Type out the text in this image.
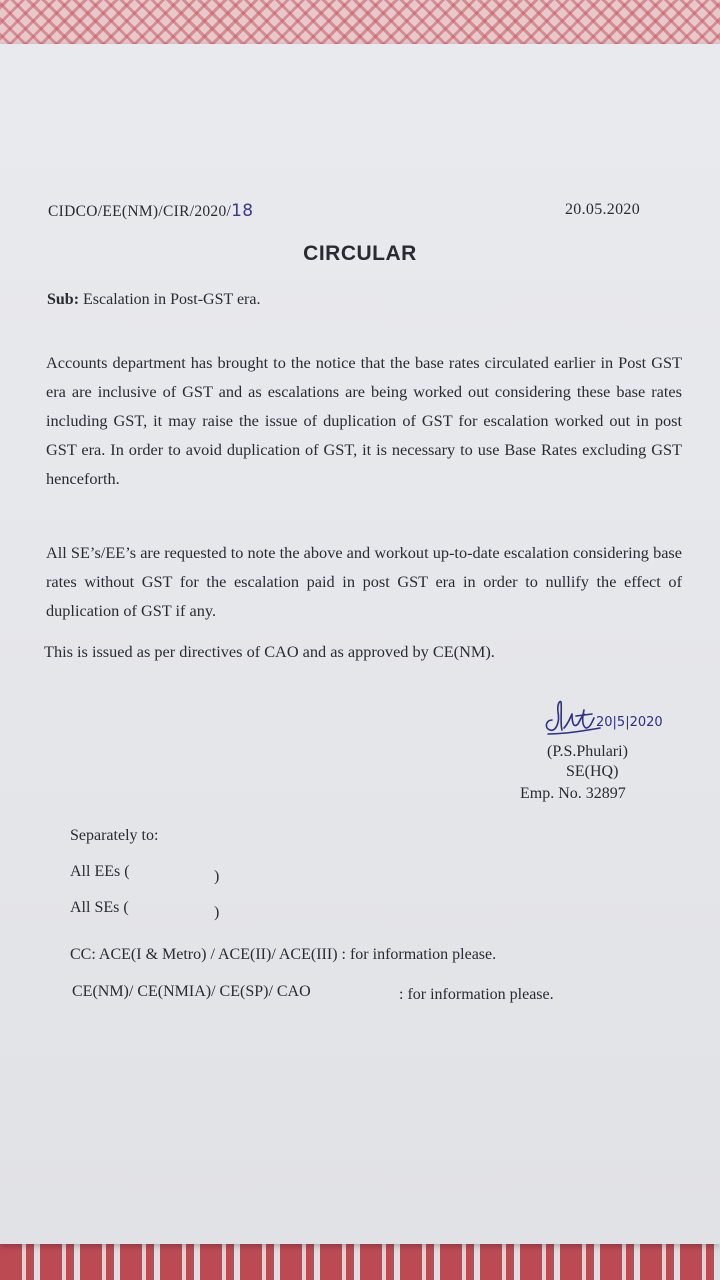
CIDCO/EE(NM)/CIR/2020/18	20.05.2020
CIRCULAR
Sub: Escalation in Post-GST era.
Accounts department has brought to the notice that the base rates circulated earlier in Post GST era are inclusive of GST and as escalations are being worked out considering these base rates including GST, it may raise the issue of duplication of GST for escalation worked out in post GST era. In order to avoid duplication of GST, it is necessary to use Base Rates excluding GST henceforth.
All SE’s/EE’s are requested to note the above and workout up-to-date escalation considering base rates without GST for the escalation paid in post GST era in order to nullify the effect of duplication of GST if any.
This is issued as per directives of CAO and as approved by CE(NM).
20|5|2020
(P.S.Phulari)
SE(HQ)
Emp. No. 32897
Separately to:
All EEs (	)
All SEs (	)
CC: ACE(I & Metro) / ACE(II)/ ACE(III) : for information please.
CE(NM)/ CE(NMIA)/ CE(SP)/ CAO	: for information please.
